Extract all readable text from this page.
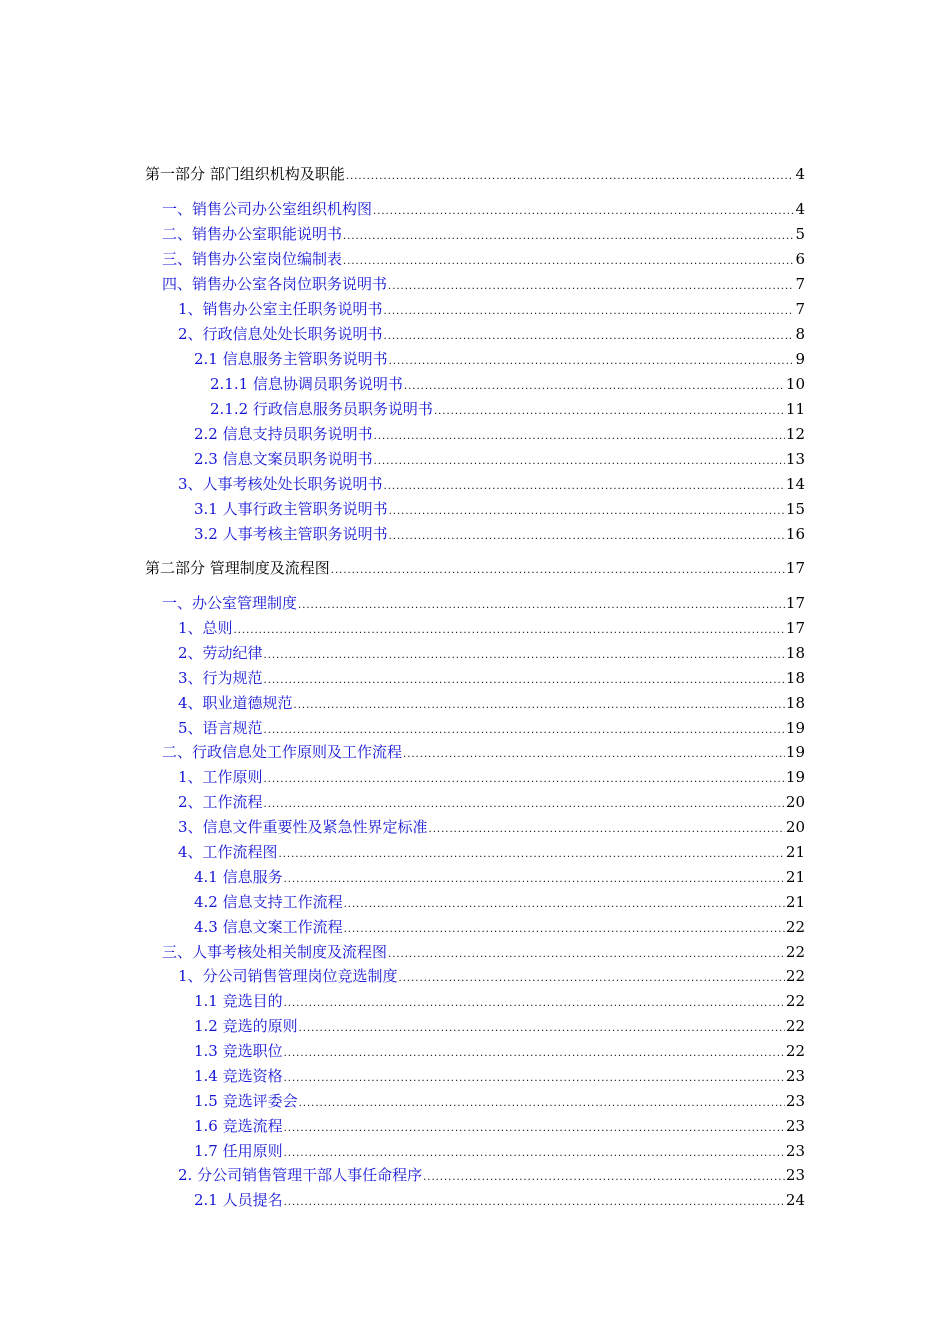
第一部分 部门组织机构及职能 .....	4
一、销售公司办公室组织机构图 .....	4
二、销售办公室职能说明书 .....	5
三、销售办公室岗位编制表 .....	6
四、销售办公室各岗位职务说明书 .....	7
1、销售办公室主任职务说明书 .....	7
2、行政信息处处长职务说明书 .....	8
2.1 信息服务主管职务说明书 .....	9
2.1.1 信息协调员职务说明书 .....	10
2.1.2 行政信息服务员职务说明书 .....	11
2.2 信息支持员职务说明书 .....	12
2.3 信息文案员职务说明书 .....	13
3、人事考核处处长职务说明书 .....	14
3.1 人事行政主管职务说明书 .....	15
3.2 人事考核主管职务说明书 .....	16
第二部分 管理制度及流程图 .....	17
一、办公室管理制度 .....	17
1、总则 .....	17
2、劳动纪律 .....	18
3、行为规范 .....	18
4、职业道德规范 .....	18
5、语言规范 .....	19
二、行政信息处工作原则及工作流程 .....	19
1、工作原则 .....	19
2、工作流程 .....	20
3、信息文件重要性及紧急性界定标准 .....	20
4、工作流程图 .....	21
4.1 信息服务 .....	21
4.2 信息支持工作流程 .....	21
4.3 信息文案工作流程 .....	22
三、人事考核处相关制度及流程图 .....	22
1、分公司销售管理岗位竞选制度 .....	22
1.1 竞选目的 .....	22
1.2 竞选的原则 .....	22
1.3 竞选职位 .....	22
1.4 竞选资格 .....	23
1.5 竞选评委会 .....	23
1.6 竞选流程 .....	23
1.7 任用原则 .....	23
2. 分公司销售管理干部人事任命程序 .....	23
2.1 人员提名 .....	24
